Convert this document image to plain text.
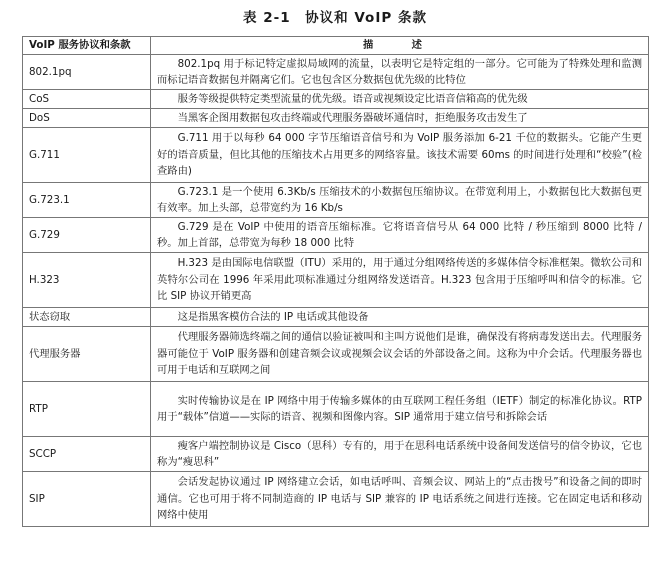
表 2-1　协议和 VoIP 条款
VoIP 服务协议和条款	描　述
802.1pq	802.1pq 用于标记特定虚拟局域网的流量，以表明它是特定组的一部分。它可能为了特殊处理和监测而标记语音数据包并隔离它们。它也包含区分数据包优先级的比特位
CoS	服务等级提供特定类型流量的优先级。语音或视频设定比语音信箱高的优先级
DoS	当黑客企图用数据包攻击终端或代理服务器破坏通信时，拒绝服务攻击发生了
G.711	G.711 用于以每秒 64 000 字节压缩语音信号和为 VoIP 服务添加 6-21 千位的数据头。它能产生更好的语音质量，但比其他的压缩技术占用更多的网络容量。该技术需要 60ms 的时间进行处理和“校验”(检查路由)
G.723.1	G.723.1 是一个使用 6.3Kb/s 压缩技术的小数据包压缩协议。在带宽利用上，小数据包比大数据包更有效率。加上头部，总带宽约为 16 Kb/s
G.729	G.729 是在 VoIP 中使用的语音压缩标准。它将语音信号从 64 000 比特 / 秒压缩到 8000 比特 / 秒。加上首部，总带宽为每秒 18 000 比特
H.323	H.323 是由国际电信联盟（ITU）采用的，用于通过分组网络传送的多媒体信令标准框架。微软公司和英特尔公司在 1996 年采用此项标准通过分组网络发送语音。H.323 包含用于压缩呼叫和信令的标准。它比 SIP 协议开销更高
状态窃取	这是指黑客模仿合法的 IP 电话或其他设备
代理服务器	代理服务器筛选终端之间的通信以验证被叫和主叫方说他们是谁，确保没有将病毒发送出去。代理服务器可能位于 VoIP 服务器和创建音频会议或视频会议会话的外部设备之间。这称为中介会话。代理服务器也可用于电话和互联网之间
RTP	实时传输协议是在 IP 网络中用于传输多媒体的由互联网工程任务组（IETF）制定的标准化协议。RTP 用于“载体”信道——实际的语音、视频和图像内容。SIP 通常用于建立信号和拆除会话
SCCP	瘦客户端控制协议是 Cisco（思科）专有的，用于在思科电话系统中设备间发送信号的信令协议，它也称为“瘦思科”
SIP	会话发起协议通过 IP 网络建立会话，如电话呼叫、音频会议、网站上的“点击拨号”和设备之间的即时通信。它也可用于将不同制造商的 IP 电话与 SIP 兼容的 IP 电话系统之间进行连接。它在固定电话和移动网络中使用
